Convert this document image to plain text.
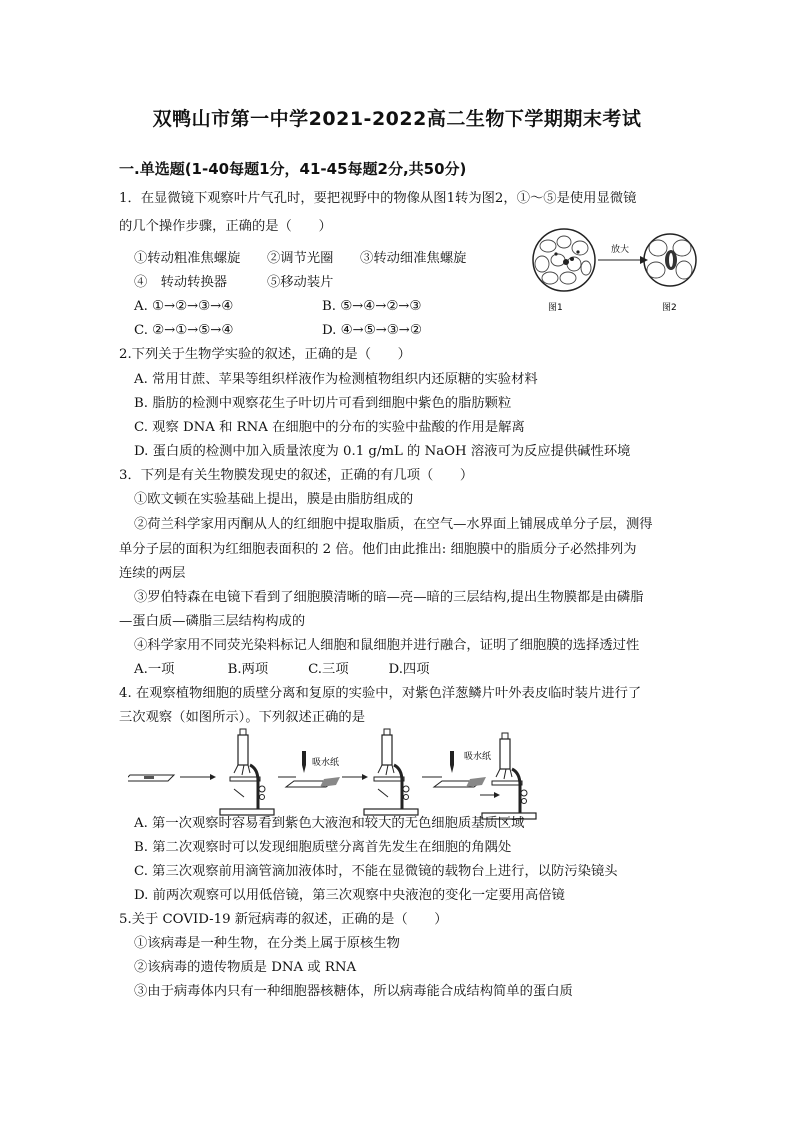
双鸭山市第一中学2021-2022高二生物下学期期末考试
一.单选题(1-40每题1分，41-45每题2分,共50分)
1．在显微镜下观察叶片气孔时，要把视野中的物像从图1转为图2，①～⑤是使用显微镜
的几个操作步骤，正确的是（　　）
①转动粗准焦螺旋　　②调节光圈　　③转动细准焦螺旋
④　转动转换器　　　⑤移动装片
A. ①→②→③→④	B. ⑤→④→②→③
C. ②→①→⑤→④	D. ④→⑤→③→②
放大
图1	图2
2.下列关于生物学实验的叙述，正确的是（　　）
A. 常用甘蔗、苹果等组织样液作为检测植物组织内还原糖的实验材料
B. 脂肪的检测中观察花生子叶切片可看到细胞中紫色的脂肪颗粒
C. 观察 DNA 和 RNA 在细胞中的分布的实验中盐酸的作用是解离
D. 蛋白质的检测中加入质量浓度为 0.1 g/mL 的 NaOH 溶液可为反应提供碱性环境
3．下列是有关生物膜发现史的叙述，正确的有几项（　　）
①欧文顿在实验基础上提出，膜是由脂肪组成的
②荷兰科学家用丙酮从人的红细胞中提取脂质，在空气—水界面上铺展成单分子层，测得
单分子层的面积为红细胞表面积的 2 倍。他们由此推出: 细胞膜中的脂质分子必然排列为
连续的两层
③罗伯特森在电镜下看到了细胞膜清晰的暗—亮—暗的三层结构,提出生物膜都是由磷脂
—蛋白质—磷脂三层结构构成的
④科学家用不同荧光染料标记人细胞和鼠细胞并进行融合，证明了细胞膜的选择透过性
A.一项　　　　B.两项　　　C.三项　　　D.四项
4. 在观察植物细胞的质壁分离和复原的实验中，对紫色洋葱鳞片叶外表皮临时装片进行了
三次观察（如图所示）。下列叙述正确的是
吸水纸
吸水纸
A. 第一次观察时容易看到紫色大液泡和较大的无色细胞质基质区域
B. 第二次观察时可以发现细胞质壁分离首先发生在细胞的角隅处
C. 第三次观察前用滴管滴加液体时，不能在显微镜的载物台上进行，以防污染镜头
D. 前两次观察可以用低倍镜，第三次观察中央液泡的变化一定要用高倍镜
5.关于 COVID-19 新冠病毒的叙述，正确的是（　　）
①该病毒是一种生物，在分类上属于原核生物
②该病毒的遗传物质是 DNA 或 RNA
③由于病毒体内只有一种细胞器核糖体，所以病毒能合成结构简单的蛋白质
